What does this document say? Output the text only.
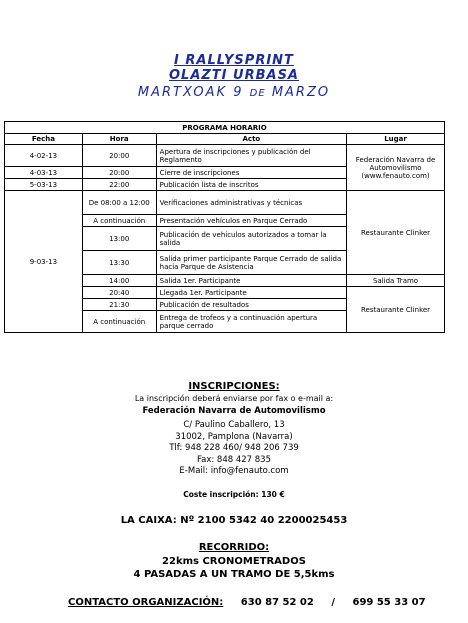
I RALLYSPRINT
OLAZTI URBASA
MARTXOAK 9 DE MARZO
PROGRAMA HORARIO			
Fecha	Hora	Acto	Lugar
4-02-13	20:00	Apertura de inscripciones y publicación del Reglamento	Federación Navarra de Automovilismo (www.fenauto.com)
4-03-13	20:00	Cierre de inscripciones	
5-03-13	22:00	Publicación lista de inscritos	
9-03-13	De 08:00 a 12:00	Verificaciones administrativas y técnicas	Restaurante Clinker
	A continuación	Presentación vehículos en Parque Cerrado	
	13:00	Publicación de vehículos autorizados a tomar la salida	
	13:30	Salida primer participante Parque Cerrado de salida hacia Parque de Asistencia	
	14:00	Salida 1er. Participante	Salida Tramo
	20:40	Llegada 1er. Participante	Restaurante Clinker
	21:30	Publicación de resultados	
	A continuación	Entrega de trofeos y a continuación apertura parque cerrado	
INSCRIPCIONES:
La inscripción deberá enviarse por fax o e-mail a:
Federación Navarra de Automovilismo
C/ Paulino Caballero, 13
31002, Pamplona (Navarra)
Tlf: 948 228 460/ 948 206 739
Fax: 848 427 835
E-Mail: info@fenauto.com
Coste inscripción: 130 €
LA CAIXA: Nº 2100 5342 40 2200025453
RECORRIDO:
22kms CRONOMETRADOS
4 PASADAS A UN TRAMO DE 5,5kms
CONTACTO ORGANIZACIÓN: 630 87 52 02 / 699 55 33 07
